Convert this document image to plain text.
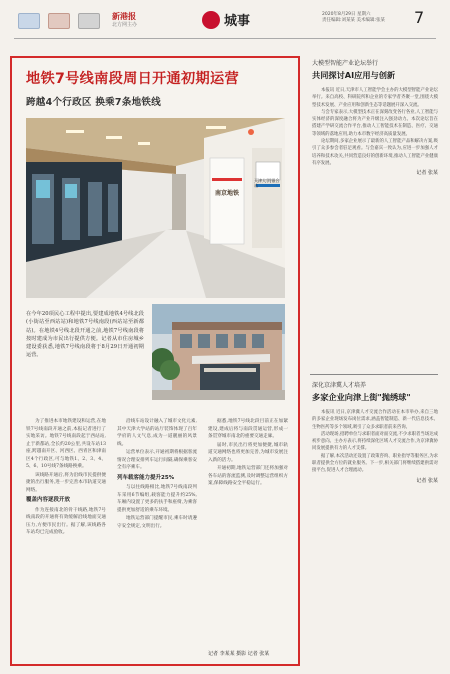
新港报
北方网主办	城事	2020年8月29日 星期六
责任编辑:刘某某 美术编辑:张某	7
地铁7号线南段周日开通初期运营
跨越4个行政区 换乘7条地铁线
天津大学|银合站
南京地铁
在今年20项民心工程中提出,要建成地铁4号线北段(小街站至西站站)和地铁7号线南段(西站站至新都站)。在地铁4号线北段开通之前,地铁7号线南段将按时建成为市民出行提供方便。记者从市住房城乡建设委获悉,地铁7号线南段将于8月29日开通初期运营。

为了推进本市地铁建设和运营,在地铁7号线南段开通之前,本报记者进行了实地采访。地铁7号线南段起于西站站,止于新都站,全长约20公里,共设车站13座,跨越南开区、河西区、西青区和津南区4个行政区,可与地铁1、2、3、4、5、6、10号线7条线路换乘。

该线路开通后,将为沿线市民提供便捷的出行服务,进一步完善本市轨道交通网络。

覆盖内容逐段开放

作为连接南北的骨干线路,地铁7号线南段的开通将有效缓解沿线地面交通压力,方便市民出行。据了解,该线路各车站均已完成验收。

沿线车站设计融入了城市文化元素,其中天津大学站的站厅装饰体现了百年学府的人文气息,成为一道靓丽的风景线。

运营单位表示,开通初期将根据客流情况合理安排列车运行间隔,确保乘客安全有序乘车。

列车载客能力提升25%

与以往线路相比,地铁7号线南段列车采用6节编组,载客能力提升约25%,车厢内设置了更多的扶手和座椅,为乘客提供更加舒适的乘车环境。

地铁运营部门提醒市民,乘车时请遵守安全规定,文明出行。

据悉,地铁7号线北段目前正在加紧建设,建成后将与南段贯通运营,形成一条贯穿城市南北的重要交通走廊。

届时,市民出行将更加便捷,城市轨道交通网络也将更加完善,为城市发展注入新的活力。

开通初期,地铁运营部门还将加强对各车站的客流监测,及时调整运营组织方案,保障线路安全平稳运行。

记者 李某某 摄影 记者 张某
大模型智能产业论坛举行
共同探讨AI应用与创新

本报讯 近日,天津市人工智能学会主办的大模型智能产业论坛举行。来自高校、科研院所和企业的专家学者齐聚一堂,围绕大模型技术发展、产业应用和创新生态等话题展开深入交流。

与会专家表示,大模型技术正在深刻改变各行各业,人工智能与实体经济的深度融合将为产业升级注入强劲动力。本次论坛旨在搭建产学研交流合作平台,推动人工智能技术在制造、医疗、交通等领域的落地应用,助力本市数字经济高质量发展。

论坛期间,多家企业展示了最新的人工智能产品和解决方案,吸引了众多参会者驻足观看。与会嘉宾一致认为,应进一步加强人才培养和技术攻关,共同营造良好的创新环境,推动人工智能产业健康有序发展。

记者 张某
深化京津冀人才培养
多家企业向津上街"抛绣球"

本报讯 近日,京津冀人才交流合作活动在本市举办,来自三地的多家企业现场发布岗位需求,涵盖智能制造、新一代信息技术、生物医药等多个领域,吸引了众多求职者前来咨询。

活动现场,招聘单位与求职者面对面交流,不少求职者当场达成初步意向。主办方表示,将持续深化区域人才交流合作,为京津冀协同发展提供有力的人才支撑。

据了解,本次活动还设置了政策咨询、职业指导等服务区,为求职者提供全方位的就业服务。下一步,相关部门将继续搭建供需对接平台,促进人才合理流动。

记者 张某
